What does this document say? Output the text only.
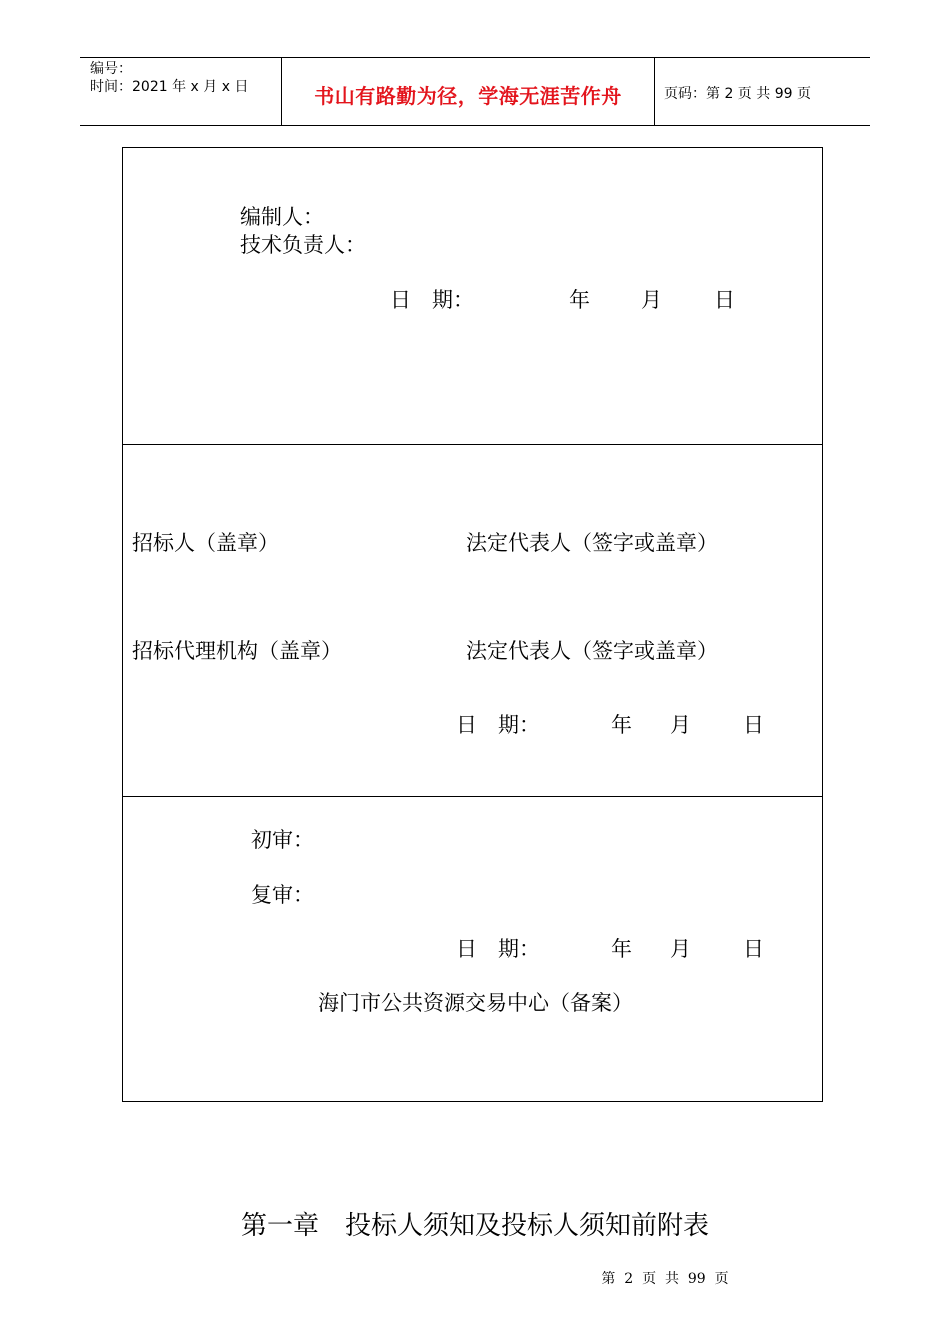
编号：
时间：2021 年 x 月 x 日	书山有路勤为径，学海无涯苦作舟	页码：第 2 页 共 99 页
编制人：
技术负责人：
日　期：	年 月 日
招标人（盖章）	法定代表人（签字或盖章）
招标代理机构（盖章）	法定代表人（签字或盖章）
日　期：	年 月 日
初审：
复审：
日　期：	年 月 日
海门市公共资源交易中心（备案）
第一章　投标人须知及投标人须知前附表
第  2  页  共  99  页
